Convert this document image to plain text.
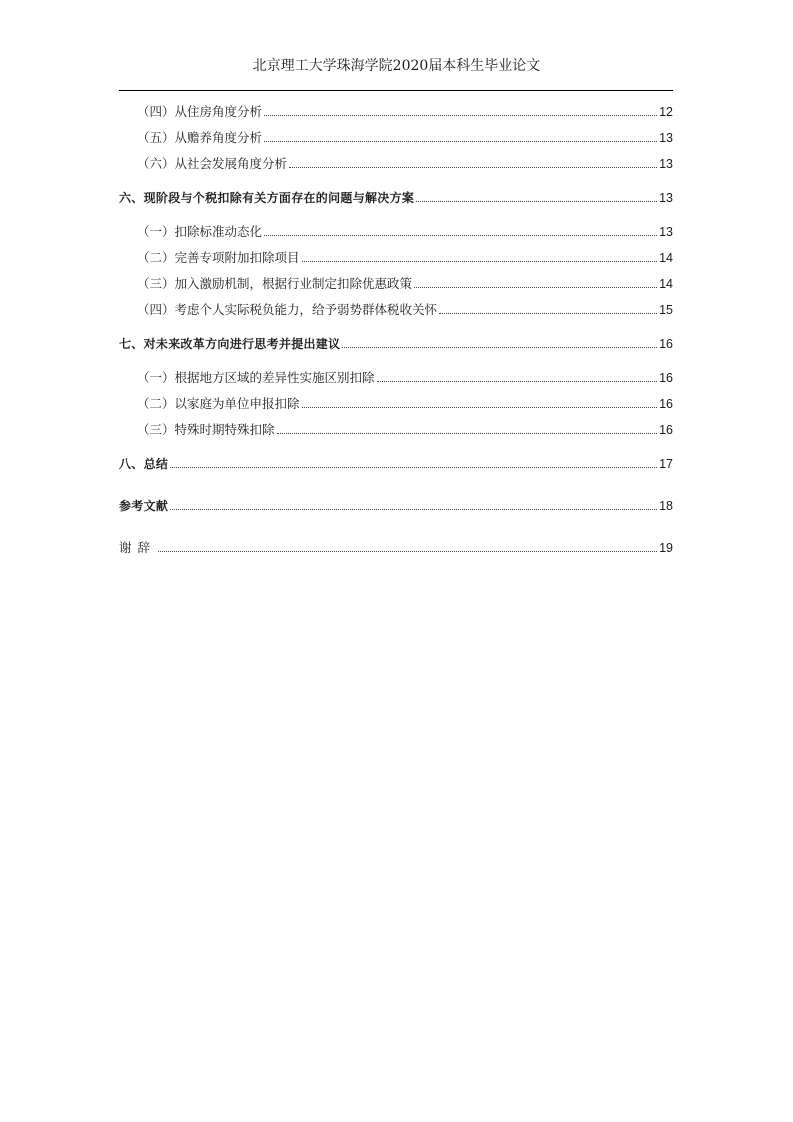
北京理工大学珠海学院2020届本科生毕业论文
（四）从住房角度分析	12
（五）从赡养角度分析	13
（六）从社会发展角度分析	13
六、现阶段与个税扣除有关方面存在的问题与解决方案	13
（一）扣除标准动态化	13
（二）完善专项附加扣除项目	14
（三）加入激励机制，根据行业制定扣除优惠政策	14
（四）考虑个人实际税负能力，给予弱势群体税收关怀	15
七、对未来改革方向进行思考并提出建议	16
（一）根据地方区域的差异性实施区别扣除	16
（二）以家庭为单位申报扣除	16
（三）特殊时期特殊扣除	16
八、总结	17
参考文献	18
谢辞	19
